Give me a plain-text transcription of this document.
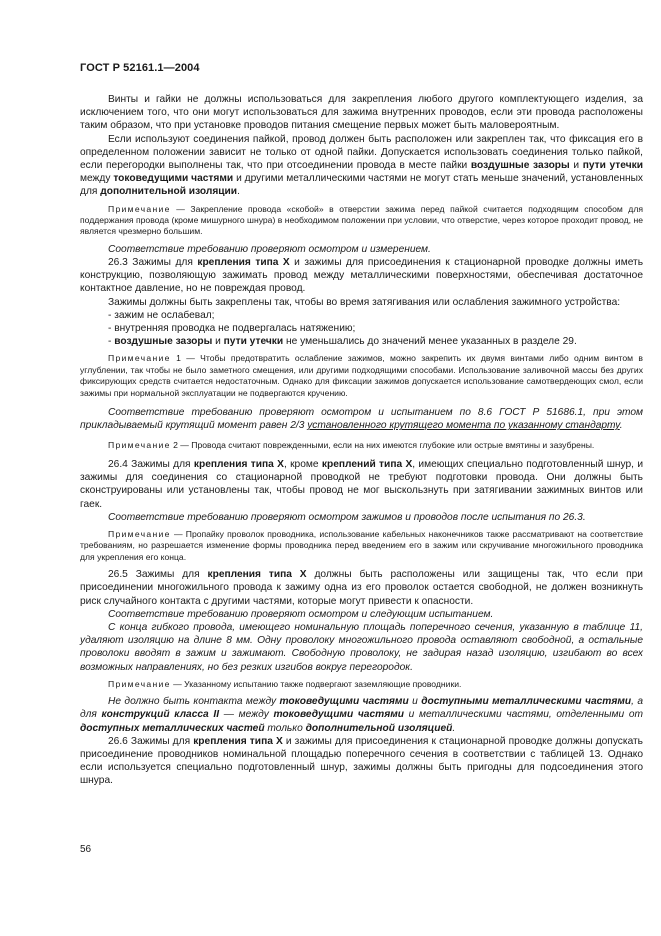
ГОСТ Р 52161.1—2004

Винты и гайки не должны использоваться для закрепления любого другого комплектующего изделия, за исключением того, что они могут использоваться для зажима внутренних проводов, если эти провода расположены таким образом, что при установке проводов питания смещение первых может быть маловероятным.

Если используют соединения пайкой, провод должен быть расположен или закреплен так, что фиксация его в определенном положении зависит не только от одной пайки. Допускается использовать соединения только пайкой, если перегородки выполнены так, что при отсоединении провода в месте пайки воздушные зазоры и пути утечки между токоведущими частями и другими металлическими частями не могут стать меньше значений, установленных для дополнительной изоляции.

Примечание — Закрепление провода «скобой» в отверстии зажима перед пайкой считается подходящим способом для поддержания провода (кроме мишурного шнура) в необходимом положении при условии, что отверстие, через которое проходит провод, не является чрезмерно большим.

Соответствие требованию проверяют осмотром и измерением.

26.3 Зажимы для крепления типа X и зажимы для присоединения к стационарной проводке должны иметь конструкцию, позволяющую зажимать провод между металлическими поверхностями, обеспечивая достаточное контактное давление, но не повреждая провод.

Зажимы должны быть закреплены так, чтобы во время затягивания или ослабления зажимного устройства:

- зажим не ослабевал;

- внутренняя проводка не подвергалась натяжению;

- воздушные зазоры и пути утечки не уменьшались до значений менее указанных в разделе 29.

Примечание 1 — Чтобы предотвратить ослабление зажимов, можно закрепить их двумя винтами либо одним винтом в углублении, так чтобы не было заметного смещения, или другими подходящими способами. Использование заливочной массы без других фиксирующих средств считается недостаточным. Однако для фиксации зажимов допускается использование самотвердеющих смол, если зажимы при нормальной эксплуатации не подвергаются кручению.

Соответствие требованию проверяют осмотром и испытанием по 8.6 ГОСТ Р 51686.1, при этом прикладываемый крутящий момент равен 2/3 установленного крутящего момента по указанному стандарту.

Примечание 2 — Провода считают поврежденными, если на них имеются глубокие или острые вмятины и зазубрены.

26.4 Зажимы для крепления типа X, кроме креплений типа X, имеющих специально подготовленный шнур, и зажимы для соединения со стационарной проводкой не требуют подготовки провода. Они должны быть сконструированы или установлены так, чтобы провод не мог выскользнуть при затягивании зажимных винтов или гаек.

Соответствие требованию проверяют осмотром зажимов и проводов после испытания по 26.3.

Примечание — Пропайку проволок проводника, использование кабельных наконечников также рассматривают на соответствие требованиям, но разрешается изменение формы проводника перед введением его в зажим или скручивание многожильного проводника для укрепления его конца.

26.5 Зажимы для крепления типа X должны быть расположены или защищены так, что если при присоединении многожильного провода к зажиму одна из его проволок остается свободной, не должен возникнуть риск случайного контакта с другими частями, которые могут привести к опасности.

Соответствие требованию проверяют осмотром и следующим испытанием.

С конца гибкого провода, имеющего номинальную площадь поперечного сечения, указанную в таблице 11, удаляют изоляцию на длине 8 мм. Одну проволоку многожильного провода оставляют свободной, а остальные проволоки вводят в зажим и зажимают. Свободную проволоку, не задирая назад изоляцию, изгибают во всех возможных направлениях, но без резких изгибов вокруг перегородок.

Примечание — Указанному испытанию также подвергают заземляющие проводники.

Не должно быть контакта между токоведущими частями и доступными металлическими частями, а для конструкций класса II — между токоведущими частями и металлическими частями, отделенными от доступных металлических частей только дополнительной изоляцией.

26.6 Зажимы для крепления типа X и зажимы для присоединения к стационарной проводке должны допускать присоединение проводников номинальной площадью поперечного сечения в соответствии с таблицей 13. Однако если используется специально подготовленный шнур, зажимы должны быть пригодны для подсоединения этого шнура.

56
